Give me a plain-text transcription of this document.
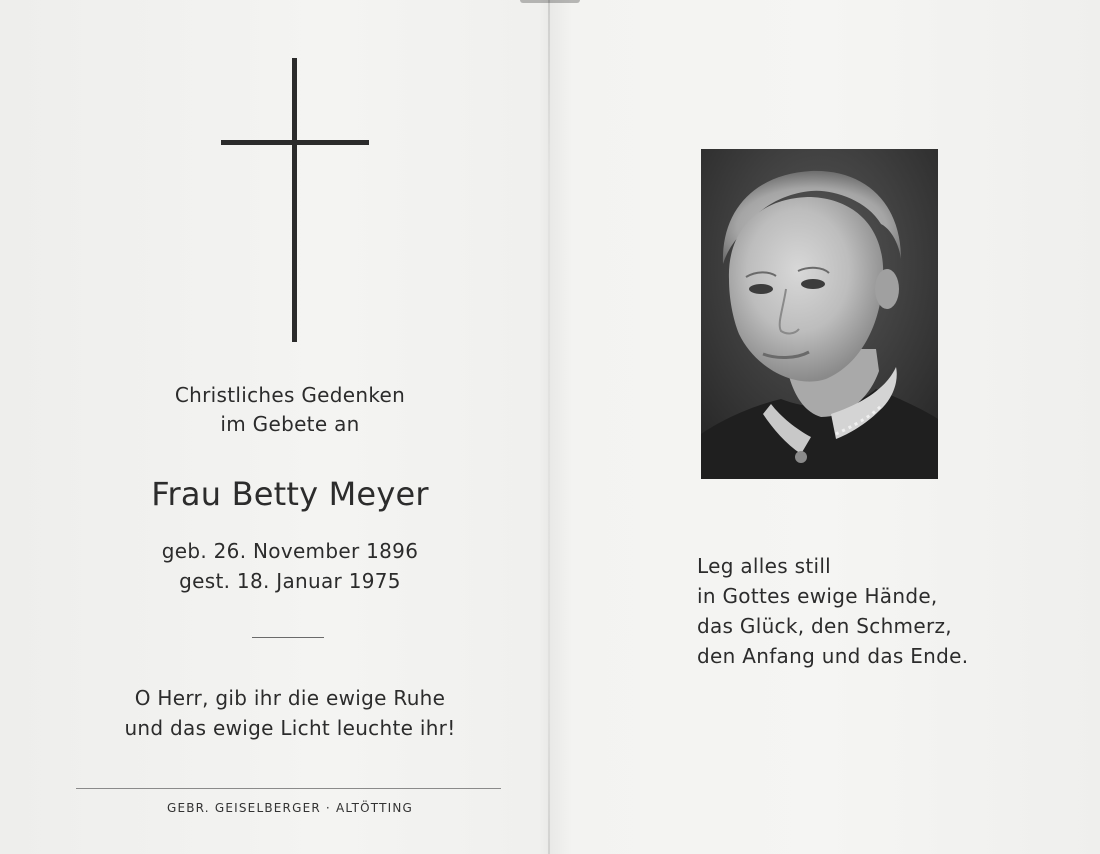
Christliches Gedenken
im Gebete an
Frau Betty Meyer
geb. 26. November 1896
gest. 18. Januar 1975
O Herr, gib ihr die ewige Ruhe
und das ewige Licht leuchte ihr!
GEBR. GEISELBERGER · ALTÖTTING
Leg alles still
in Gottes ewige Hände,
das Glück, den Schmerz,
den Anfang und das Ende.
